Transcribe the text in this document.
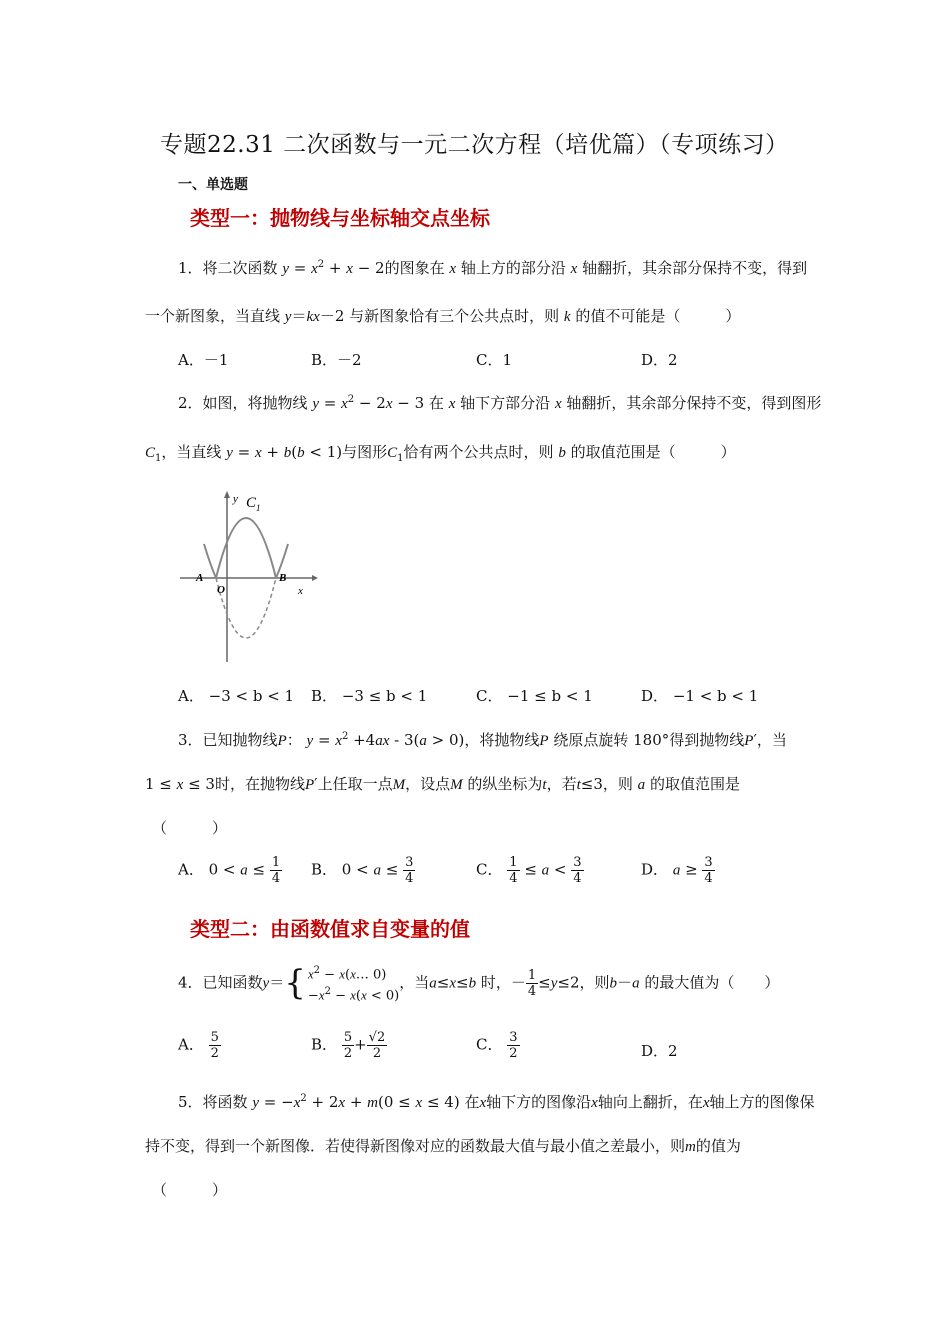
专题22.31 二次函数与一元二次方程（培优篇）（专项练习）
一、单选题
类型一：抛物线与坐标轴交点坐标
1．将二次函数 $y = x^2 + x - 2$的图象在 x 轴上方的部分沿 x 轴翻折，其余部分保持不变，得到
一个新图象，当直线 y＝kx－2 与新图象恰有三个公共点时，则 k 的值不可能是（　　　）
A．－1	B．－2	C．1	D．2
2．如图，将抛物线 $y = x^2 - 2x - 3$ 在 x 轴下方部分沿 x 轴翻折，其余部分保持不变，得到图形
$C_1$，当直线 y = x + b(b < 1)与图形$C_1$恰有两个公共点时，则 b 的取值范围是（　　　）
y C 1
A
O
B
x
A． −3 < b < 1 B． −3 ≤ b < 1	C． −1 ≤ b < 1	D． −1 < b < 1
3．已知抛物线P： $y = x^2 +4ax - 3(a > 0)$，将抛物线P 绕原点旋转 180°得到抛物线P′，当
1 ≤ x ≤ 3时，在抛物线P′上任取一点M，设点M 的纵坐标为t，若t≤3，则 a 的取值范围是
（　　　）
A． $0 < a \le \frac{1}{4}$ B． $0 < a \le \frac{3}{4}$	C． $\frac{1}{4} \le a < \frac{3}{4}$	D． $a \ge \frac{3}{4}$
类型二：由函数值求自变量的值
4．已知函数y＝ { $x^2$ − x(x… 0)
$-x^2 - x(x < 0)$
，当a≤x≤b 时，－ $\frac{1}{4} \le y\le 2$，则b－a 的最大值为（　　）
A． $\frac{5}{2}$	B． $\frac{5}{2} + \frac{√2}{2}$	C． $\frac{3}{2}$	D．2
5．将函数 $y = -x^2 + 2x + m(0 \le x \le 4)$ 在x轴下方的图像沿x轴向上翻折，在x轴上方的图像保
持不变，得到一个新图像．若使得新图像对应的函数最大值与最小值之差最小，则m的值为
（　　　）
